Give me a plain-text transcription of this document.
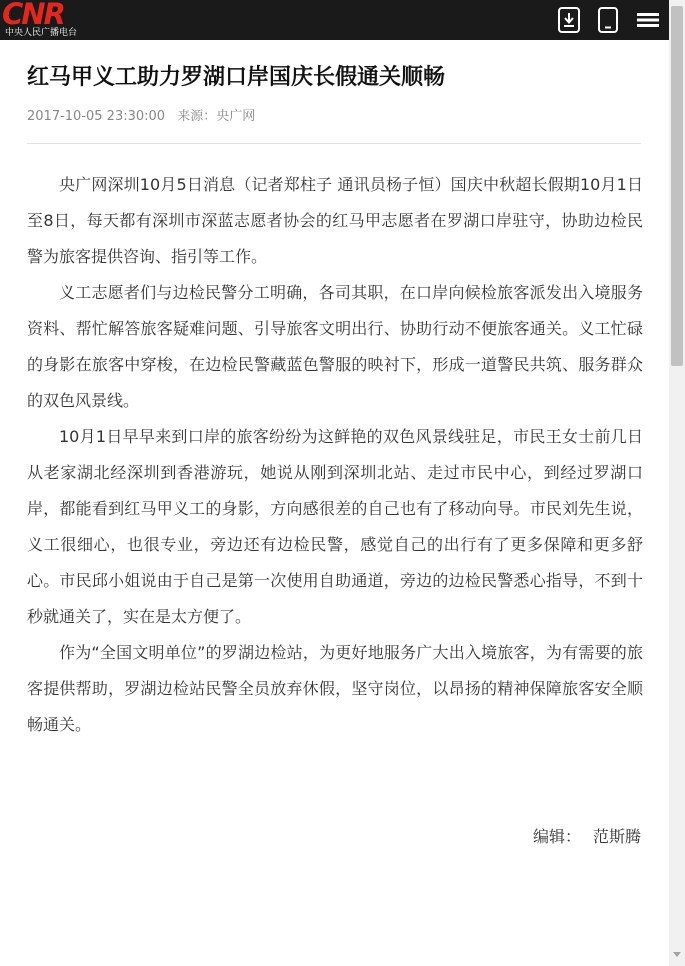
CNR
中央人民广播电台
红马甲义工助力罗湖口岸国庆长假通关顺畅
2017-10-05 23:30:00 来源：央广网

央广网深圳10月5日消息（记者郑柱子 通讯员杨子恒）国庆中秋超长假期10月1日至8日，每天都有深圳市深蓝志愿者协会的红马甲志愿者在罗湖口岸驻守，协助边检民警为旅客提供咨询、指引等工作。

义工志愿者们与边检民警分工明确，各司其职，在口岸向候检旅客派发出入境服务资料、帮忙解答旅客疑难问题、引导旅客文明出行、协助行动不便旅客通关。义工忙碌的身影在旅客中穿梭，在边检民警藏蓝色警服的映衬下，形成一道警民共筑、服务群众的双色风景线。

10月1日早早来到口岸的旅客纷纷为这鲜艳的双色风景线驻足，市民王女士前几日从老家湖北经深圳到香港游玩，她说从刚到深圳北站、走过市民中心，到经过罗湖口岸，都能看到红马甲义工的身影，方向感很差的自己也有了移动向导。市民刘先生说，义工很细心，也很专业，旁边还有边检民警，感觉自己的出行有了更多保障和更多舒心。市民邱小姐说由于自己是第一次使用自助通道，旁边的边检民警悉心指导，不到十秒就通关了，实在是太方便了。

作为“全国文明单位”的罗湖边检站，为更好地服务广大出入境旅客，为有需要的旅客提供帮助，罗湖边检站民警全员放弃休假，坚守岗位，以昂扬的精神保障旅客安全顺畅通关。

编辑： 范斯腾
